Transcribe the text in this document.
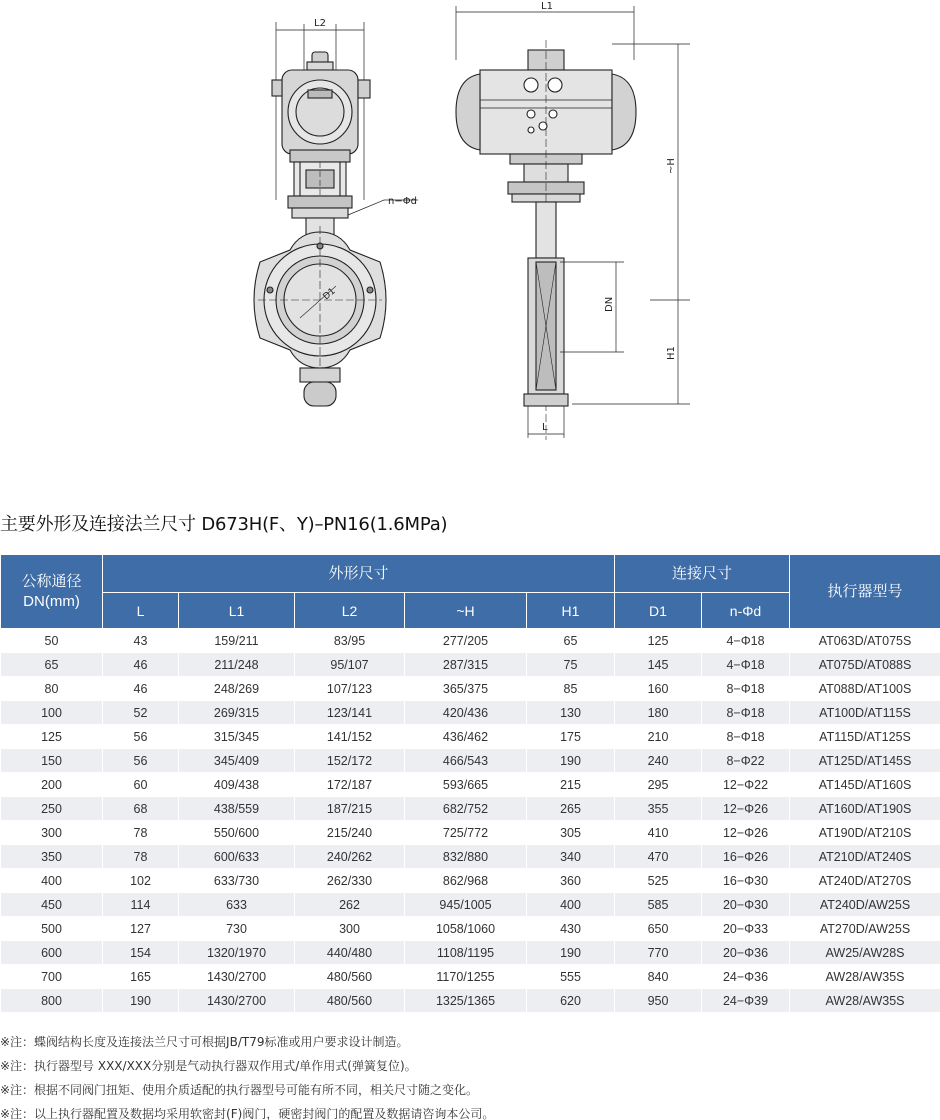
L2
L1
n−Φd
~H
H1
DN
L
D1
主要外形及连接法兰尺寸 D673H(F、Y)–PN16(1.6MPa)
公称通径
DN(mm)	外形尺寸					连接尺寸		执行器型号
	L	L1	L2	~H	H1	D1	n-Φd	
50	43	159/211	83/95	277/205	65	125	4−Φ18	AT063D/AT075S
65	46	211/248	95/107	287/315	75	145	4−Φ18	AT075D/AT088S
80	46	248/269	107/123	365/375	85	160	8−Φ18	AT088D/AT100S
100	52	269/315	123/141	420/436	130	180	8−Φ18	AT100D/AT115S
125	56	315/345	141/152	436/462	175	210	8−Φ18	AT115D/AT125S
150	56	345/409	152/172	466/543	190	240	8−Φ22	AT125D/AT145S
200	60	409/438	172/187	593/665	215	295	12−Φ22	AT145D/AT160S
250	68	438/559	187/215	682/752	265	355	12−Φ26	AT160D/AT190S
300	78	550/600	215/240	725/772	305	410	12−Φ26	AT190D/AT210S
350	78	600/633	240/262	832/880	340	470	16−Φ26	AT210D/AT240S
400	102	633/730	262/330	862/968	360	525	16−Φ30	AT240D/AT270S
450	114	633	262	945/1005	400	585	20−Φ30	AT240D/AW25S
500	127	730	300	1058/1060	430	650	20−Φ33	AT270D/AW25S
600	154	1320/1970	440/480	1108/1195	190	770	20−Φ36	AW25/AW28S
700	165	1430/2700	480/560	1170/1255	555	840	24−Φ36	AW28/AW35S
800	190	1430/2700	480/560	1325/1365	620	950	24−Φ39	AW28/AW35S
※注：蝶阀结构长度及连接法兰尺寸可根据JB/T79标准或用户要求设计制造。
※注：执行器型号 XXX/XXX分别是气动执行器双作用式/单作用式(弹簧复位)。
※注：根据不同阀门扭矩、使用介质适配的执行器型号可能有所不同，相关尺寸随之变化。
※注：以上执行器配置及数据均采用软密封(F)阀门，硬密封阀门的配置及数据请咨询本公司。
